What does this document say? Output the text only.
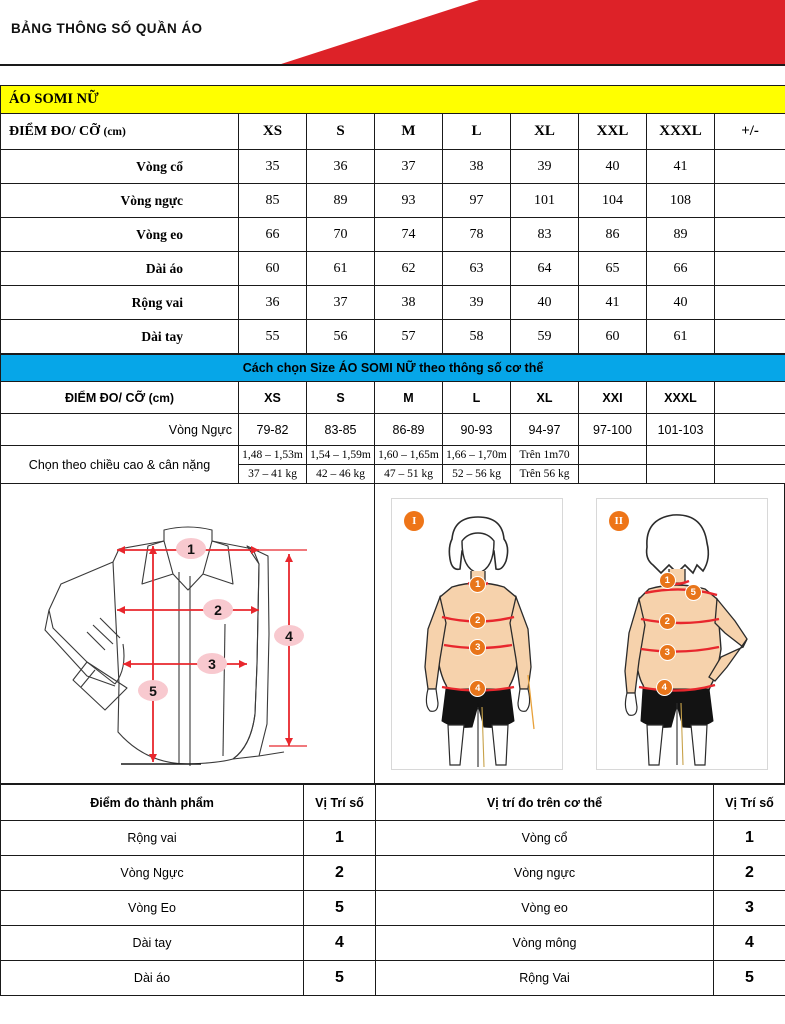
BẢNG THÔNG SỐ QUẦN ÁO
ÁO SOMI NỮ								
ĐIỂM ĐO/ CỠ (cm)	XS	S	M	L	XL	XXL	XXXL	+/-
Vòng cổ	35	36	37	38	39	40	41	
Vòng ngực	85	89	93	97	101	104	108	
Vòng eo	66	70	74	78	83	86	89	
Dài áo	60	61	62	63	64	65	66	
Rộng vai	36	37	38	39	40	41	40	
Dài tay	55	56	57	58	59	60	61	
Cách chọn Size ÁO SOMI NỮ theo thông số cơ thể								
ĐIỂM ĐO/ CỠ (cm)	XS	S	M	L	XL	XXI	XXXL	
Vòng Ngực	79-82	83-85	86-89	90-93	94-97	97-100	101-103	
Chọn theo chiều cao & cân nặng	1,48 – 1,53m	1,54 – 1,59m	1,60 – 1,65m	1,66 – 1,70m	Trên 1m70			
	37 – 41 kg	42 – 46 kg	47 – 51 kg	52 – 56 kg	Trên 56 kg			
1
2
3
4
5
I
1
2
3
4
II
1
5
2
3
4
Điểm đo thành phẩm	Vị Trí số	Vị trí đo trên cơ thể	Vị Trí số
Rộng vai	1	Vòng cổ	1
Vòng Ngực	2	Vòng ngực	2
Vòng Eo	5	Vòng eo	3
Dài tay	4	Vòng mông	4
Dài áo	5	Rộng Vai	5
